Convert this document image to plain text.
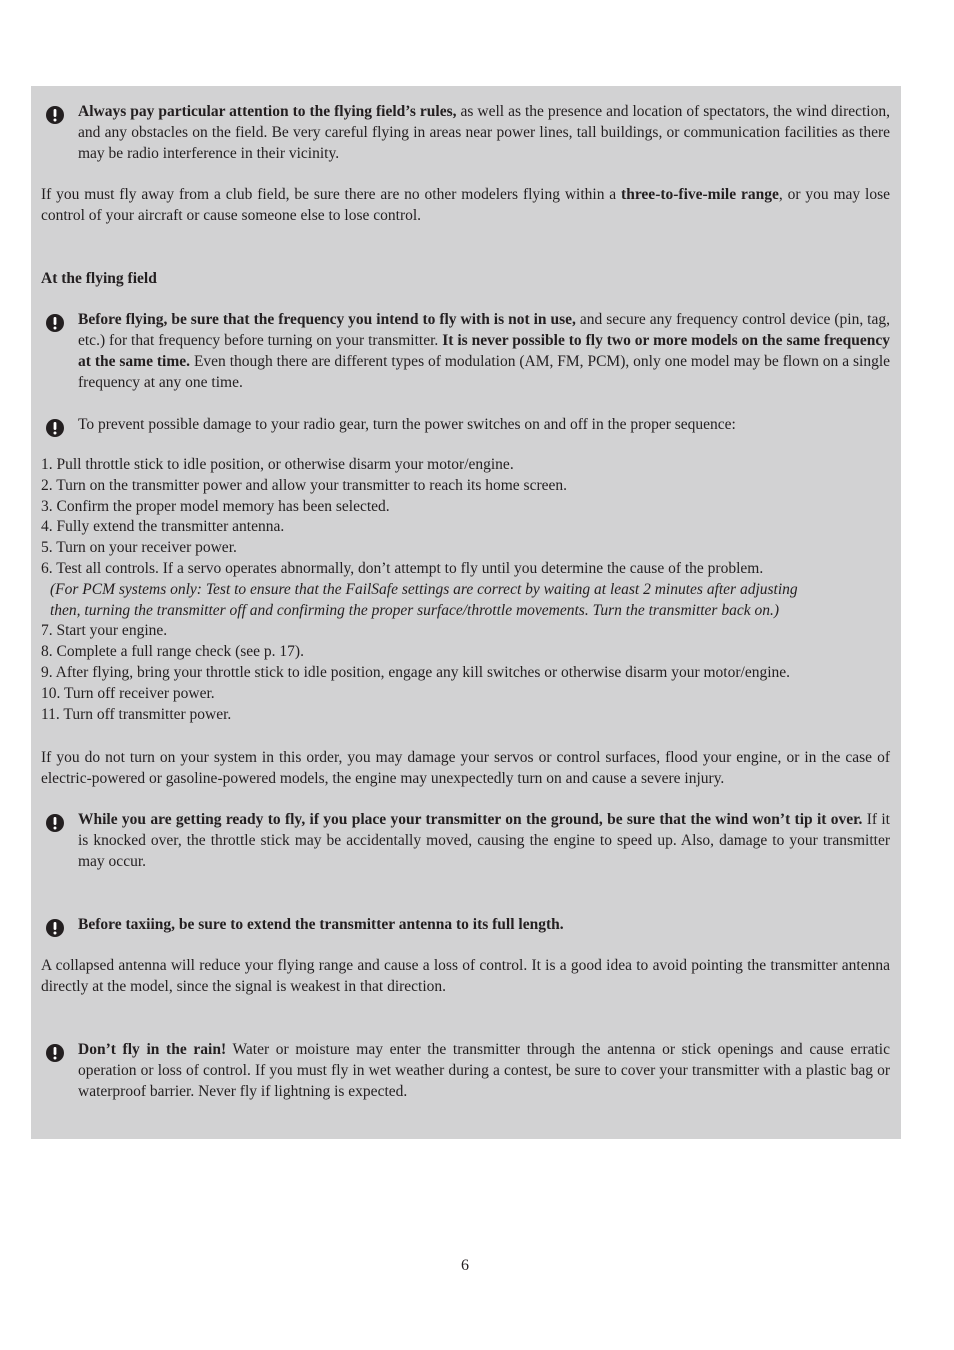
Always pay particular attention to the flying field’s rules, as well as the presence and location of spectators, the wind direction, and any obstacles on the field. Be very careful flying in areas near power lines, tall buildings, or communication facilities as there may be radio interference in their vicinity.
If you must fly away from a club field, be sure there are no other modelers flying within a three-to-five-mile range, or you may lose control of your aircraft or cause someone else to lose control.
At the flying field
Before flying, be sure that the frequency you intend to fly with is not in use, and secure any frequency control device (pin, tag, etc.) for that frequency before turning on your transmitter. It is never possible to fly two or more models on the same frequency at the same time. Even though there are different types of modulation (AM, FM, PCM), only one model may be flown on a single frequency at any one time.
To prevent possible damage to your radio gear, turn the power switches on and off in the proper sequence:
1. Pull throttle stick to idle position, or otherwise disarm your motor/engine.
2. Turn on the transmitter power and allow your transmitter to reach its home screen.
3. Confirm the proper model memory has been selected.
4. Fully extend the transmitter antenna.
5. Turn on your receiver power.
6. Test all controls. If a servo operates abnormally, don’t attempt to fly until you determine the cause of the problem.
(For PCM systems only: Test to ensure that the FailSafe settings are correct by waiting at least 2 minutes after adjusting
then, turning the transmitter off and confirming the proper surface/throttle movements. Turn the transmitter back on.)
7. Start your engine.
8. Complete a full range check (see p. 17).
9. After flying, bring your throttle stick to idle position, engage any kill switches or otherwise disarm your motor/engine.
10. Turn off receiver power.
11. Turn off transmitter power.
If you do not turn on your system in this order, you may damage your servos or control surfaces, flood your engine, or in the case of electric-powered or gasoline-powered models, the engine may unexpectedly turn on and cause a severe injury.
While you are getting ready to fly, if you place your transmitter on the ground, be sure that the wind won’t tip it over. If it is knocked over, the throttle stick may be accidentally moved, causing the engine to speed up. Also, damage to your transmitter may occur.
Before taxiing, be sure to extend the transmitter antenna to its full length.
A collapsed antenna will reduce your flying range and cause a loss of control. It is a good idea to avoid pointing the transmitter antenna directly at the model, since the signal is weakest in that direction.
Don’t fly in the rain! Water or moisture may enter the transmitter through the antenna or stick openings and cause erratic operation or loss of control. If you must fly in wet weather during a contest, be sure to cover your transmitter with a plastic bag or waterproof barrier. Never fly if lightning is expected.
6
